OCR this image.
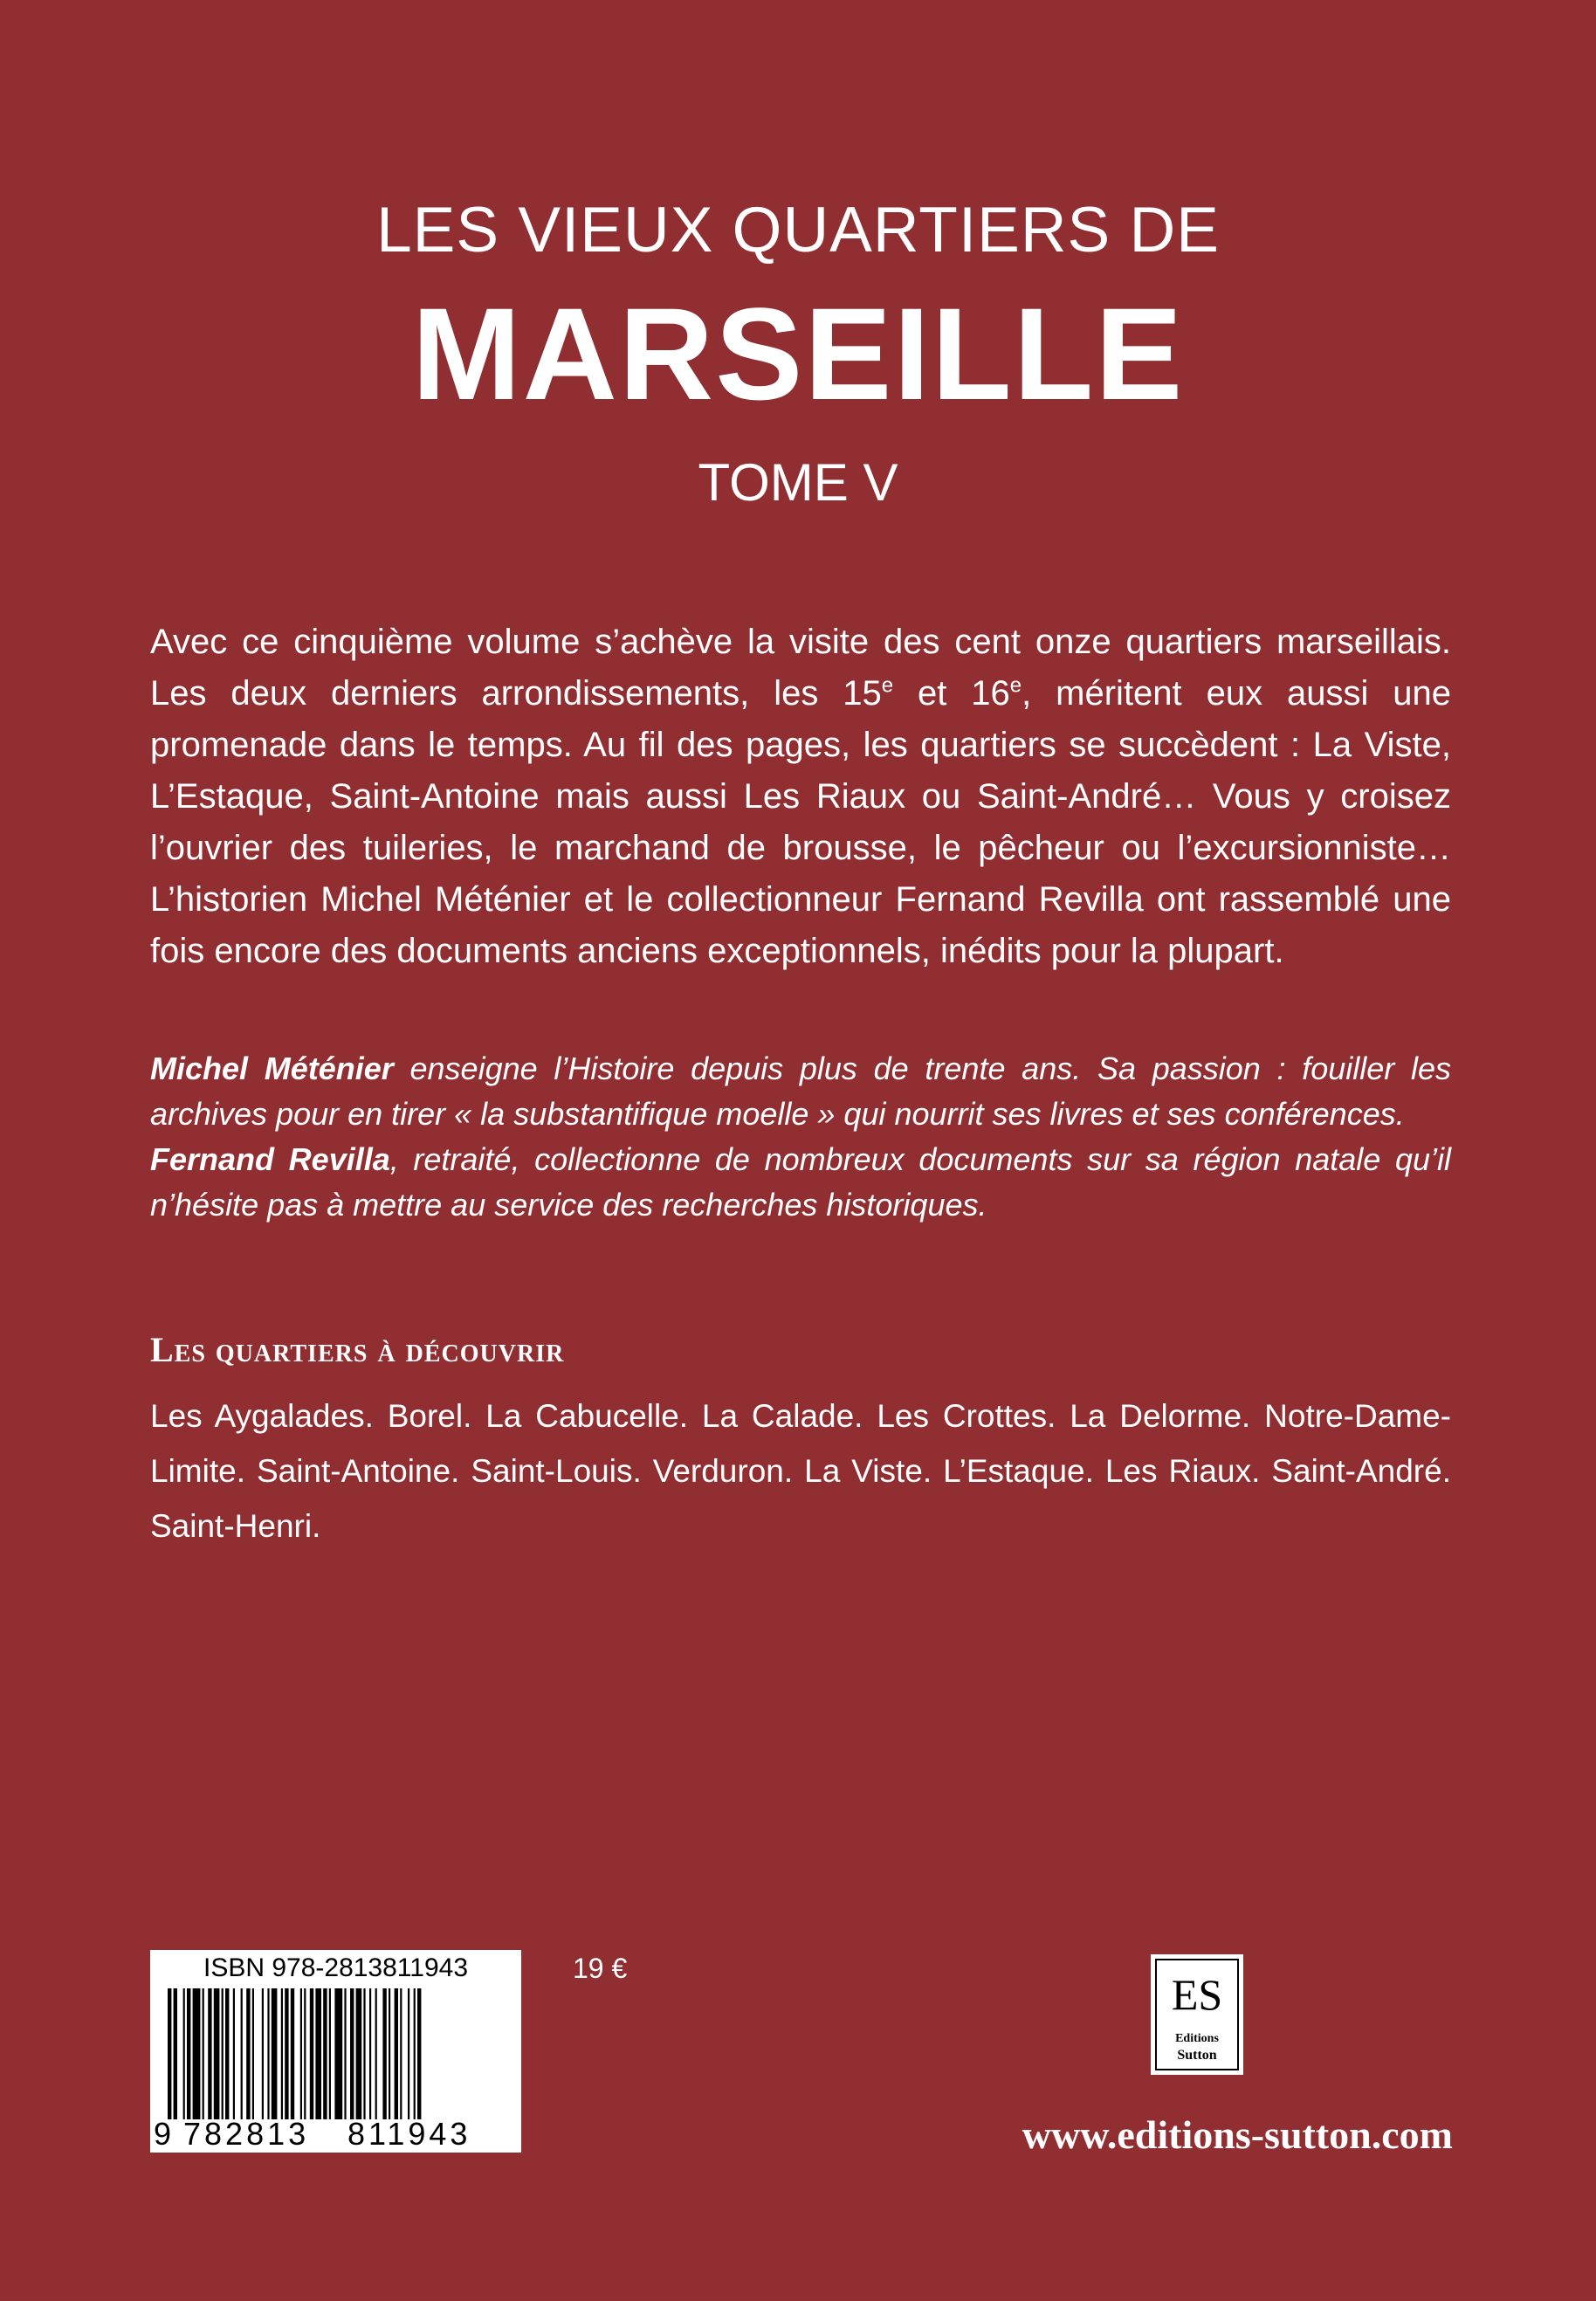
LES VIEUX QUARTIERS DE
MARSEILLE
TOME V
Avec ce cinquième volume s’achève la visite des cent onze quartiers marseillais. Les deux derniers arrondissements, les 15e et 16e, méritent eux aussi une promenade dans le temps. Au fil des pages, les quartiers se succèdent : La Viste, L’Estaque, Saint-Antoine mais aussi Les Riaux ou Saint-André… Vous y croisez l’ouvrier des tuileries, le marchand de brousse, le pêcheur ou l’excursionniste… L’historien Michel Méténier et le collectionneur Fernand Revilla ont rassemblé une fois encore des documents anciens exceptionnels, inédits pour la plupart.
Michel Méténier enseigne l’Histoire depuis plus de trente ans. Sa passion : fouiller les archives pour en tirer « la substantifique moelle » qui nourrit ses livres et ses conférences.
Fernand Revilla, retraité, collectionne de nombreux documents sur sa région natale qu’il n’hésite pas à mettre au service des recherches historiques.
Les quartiers à découvrir
Les Aygalades. Borel. La Cabucelle. La Calade. Les Crottes. La Delorme. Notre-Dame-Limite. Saint-Antoine. Saint-Louis. Verduron. La Viste. L’Estaque. Les Riaux. Saint-André. Saint-Henri.
ISBN 978-2813811943
9 782813 811943
19 €
ES
Editions
Sutton
www.editions-sutton.com
